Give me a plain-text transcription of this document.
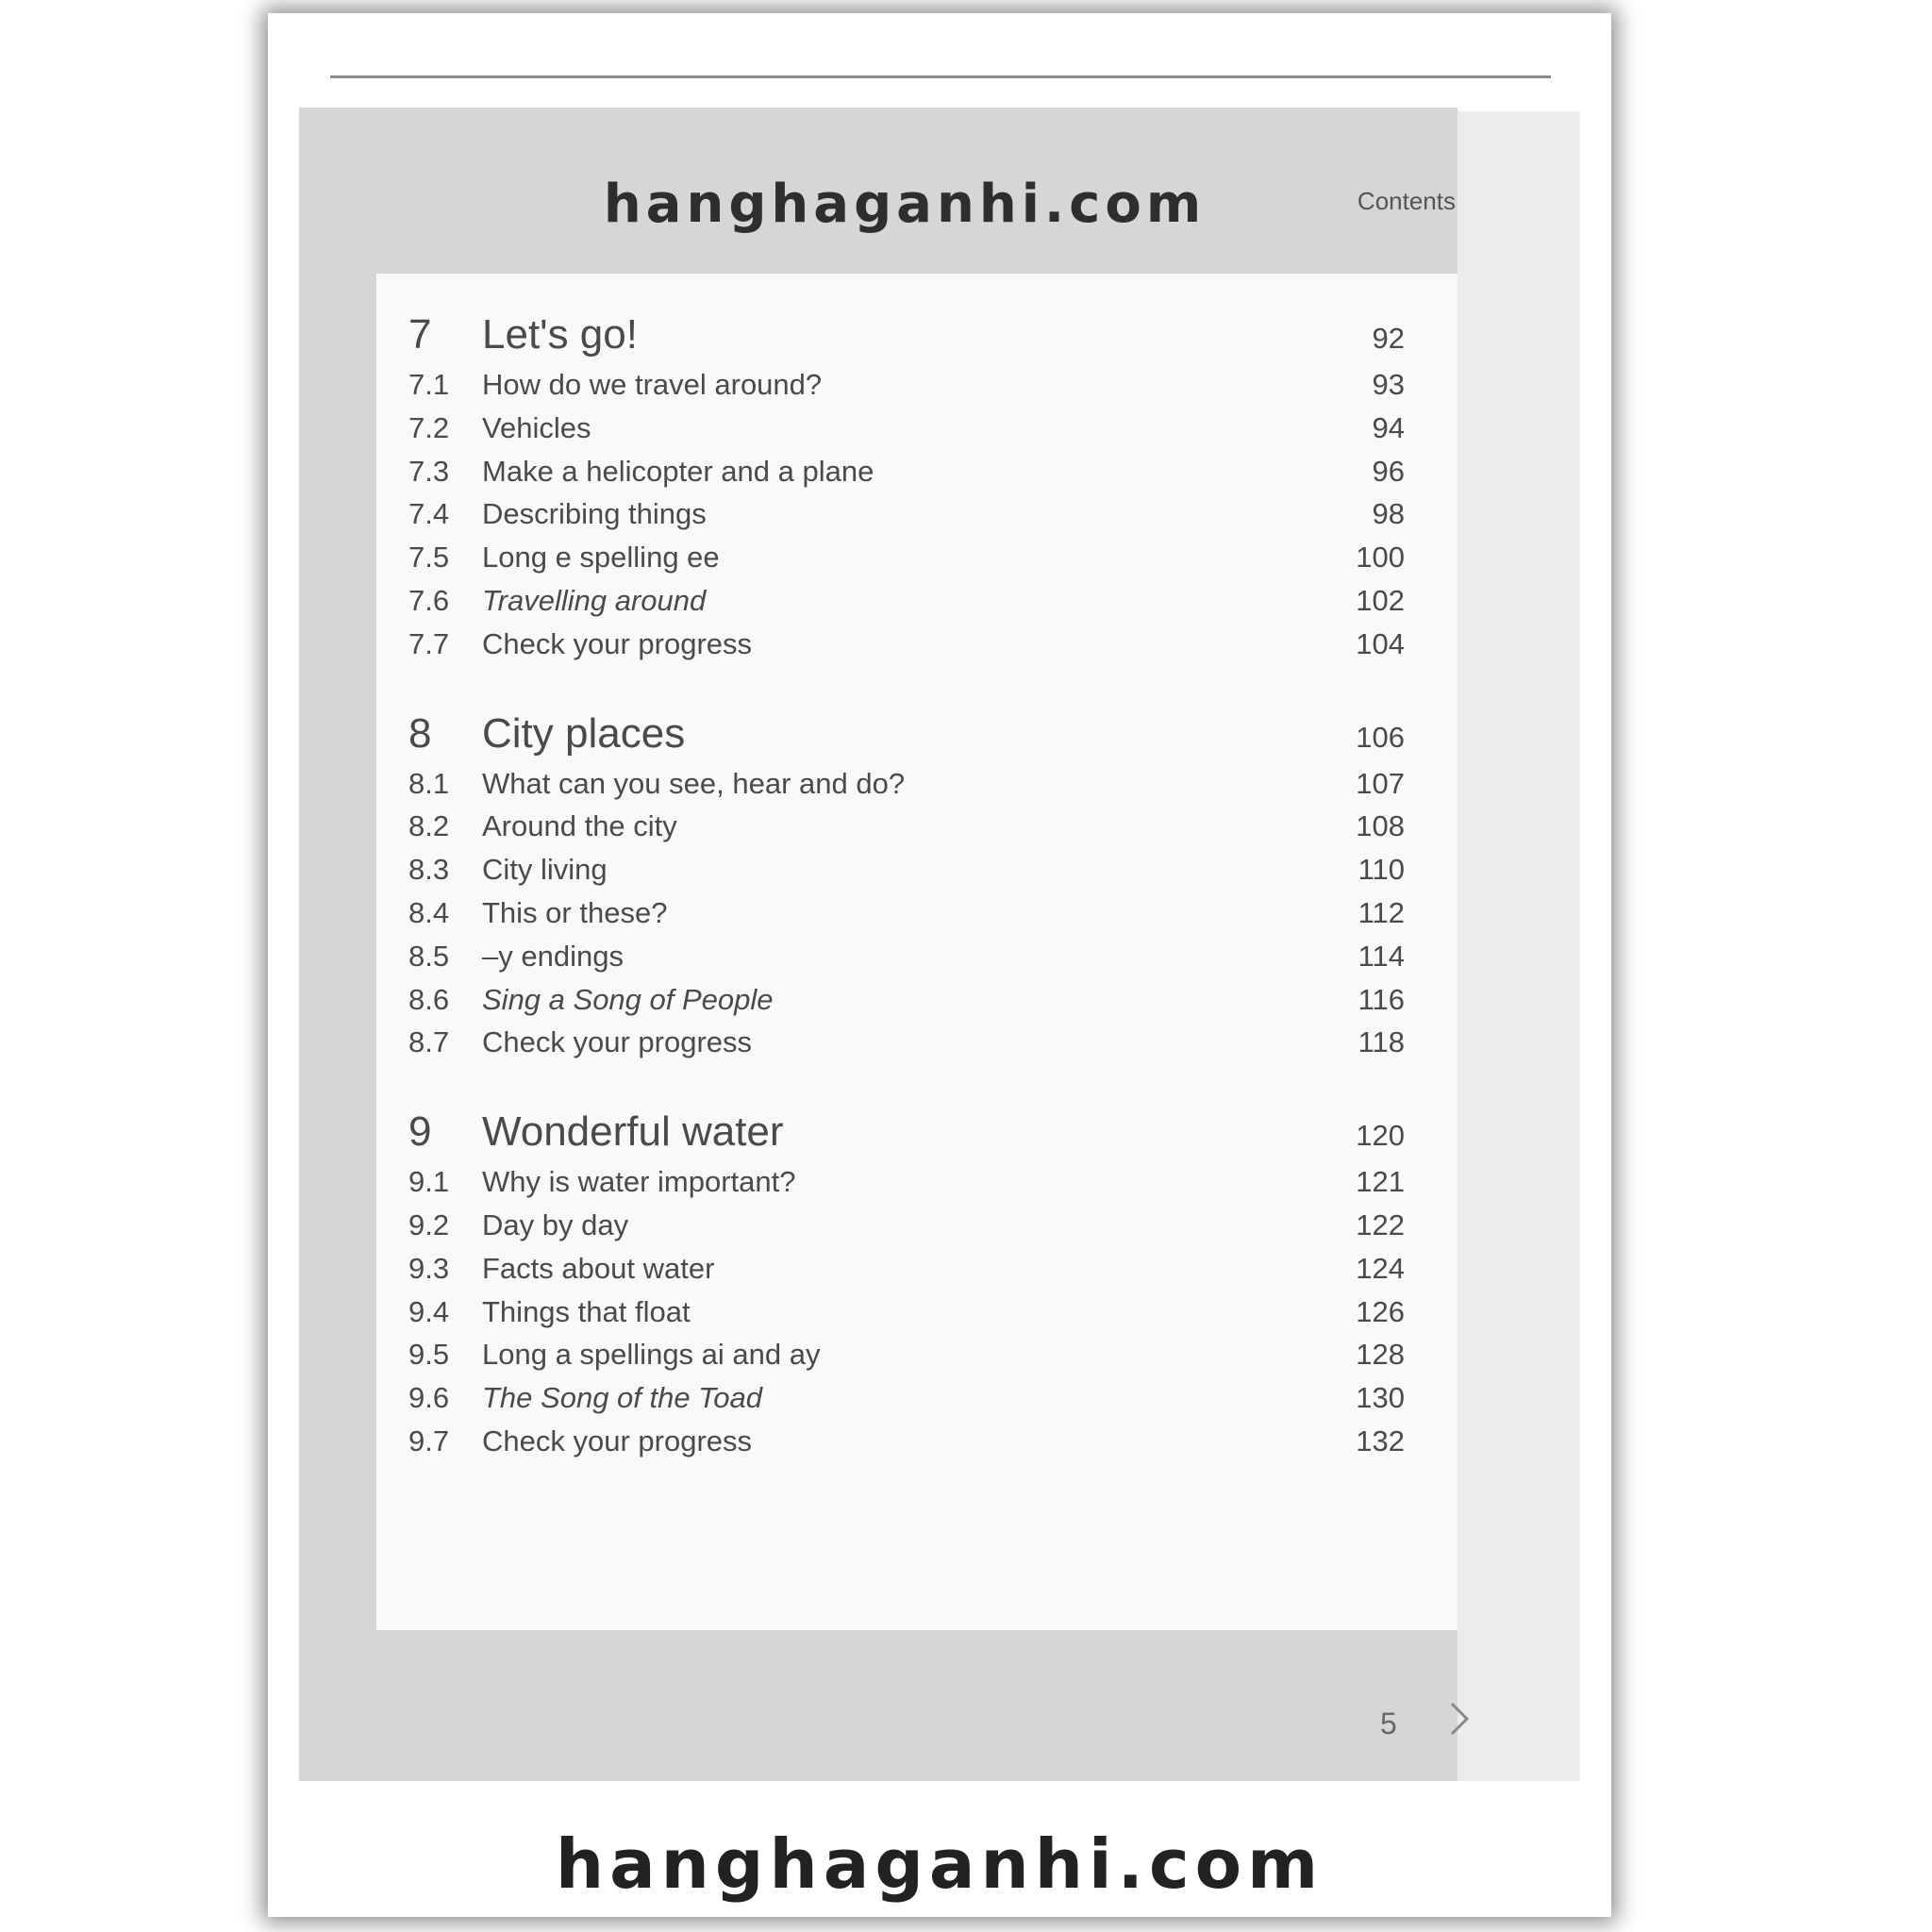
hanghaganhi.com	Contents
7	Let's go!	92
7.1	How do we travel around?	93
7.2	Vehicles	94
7.3	Make a helicopter and a plane	96
7.4	Describing things	98
7.5	Long e spelling ee	100
7.6	Travelling around	102
7.7	Check your progress	104
8	City places	106
8.1	What can you see, hear and do?	107
8.2	Around the city	108
8.3	City living	110
8.4	This or these?	112
8.5	–y endings	114
8.6	Sing a Song of People	116
8.7	Check your progress	118
9	Wonderful water	120
9.1	Why is water important?	121
9.2	Day by day	122
9.3	Facts about water	124
9.4	Things that float	126
9.5	Long a spellings ai and ay	128
9.6	The Song of the Toad	130
9.7	Check your progress	132
5
hanghaganhi.com
